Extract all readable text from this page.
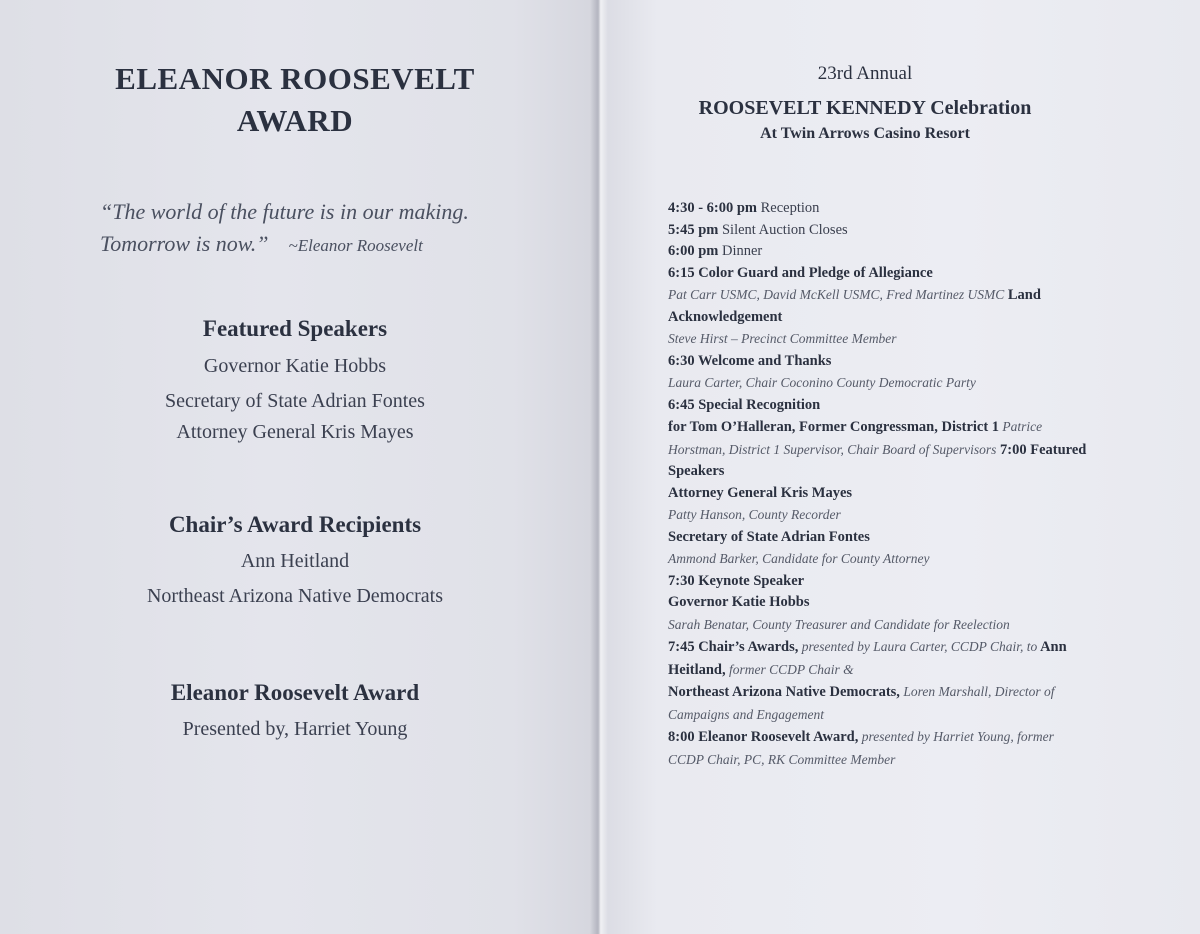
ELEANOR ROOSEVELT
AWARD
“The world of the future is in our making.
Tomorrow is now.” ~Eleanor Roosevelt
Featured Speakers
Governor Katie Hobbs
Secretary of State Adrian Fontes
Attorney General Kris Mayes
Chair’s Award Recipients
Ann Heitland
Northeast Arizona Native Democrats
Eleanor Roosevelt Award
Presented by, Harriet Young
23rd Annual
ROOSEVELT KENNEDY Celebration
At Twin Arrows Casino Resort
4:30 - 6:00 pm Reception
5:45 pm Silent Auction Closes
6:00 pm Dinner
6:15 Color Guard and Pledge of Allegiance
Pat Carr USMC, David McKell USMC, Fred Martinez USMC Land
Acknowledgement
Steve Hirst – Precinct Committee Member
6:30 Welcome and Thanks
Laura Carter, Chair Coconino County Democratic Party
6:45 Special Recognition
for Tom O’Halleran, Former Congressman, District 1 Patrice
Horstman, District 1 Supervisor, Chair Board of Supervisors 7:00 Featured
Speakers
Attorney General Kris Mayes
Patty Hanson, County Recorder
Secretary of State Adrian Fontes
Ammond Barker, Candidate for County Attorney
7:30 Keynote Speaker
Governor Katie Hobbs
Sarah Benatar, County Treasurer and Candidate for Reelection
7:45 Chair’s Awards, presented by Laura Carter, CCDP Chair, to Ann
Heitland, former CCDP Chair &
Northeast Arizona Native Democrats, Loren Marshall, Director of
Campaigns and Engagement
8:00 Eleanor Roosevelt Award, presented by Harriet Young, former
CCDP Chair, PC, RK Committee Member
